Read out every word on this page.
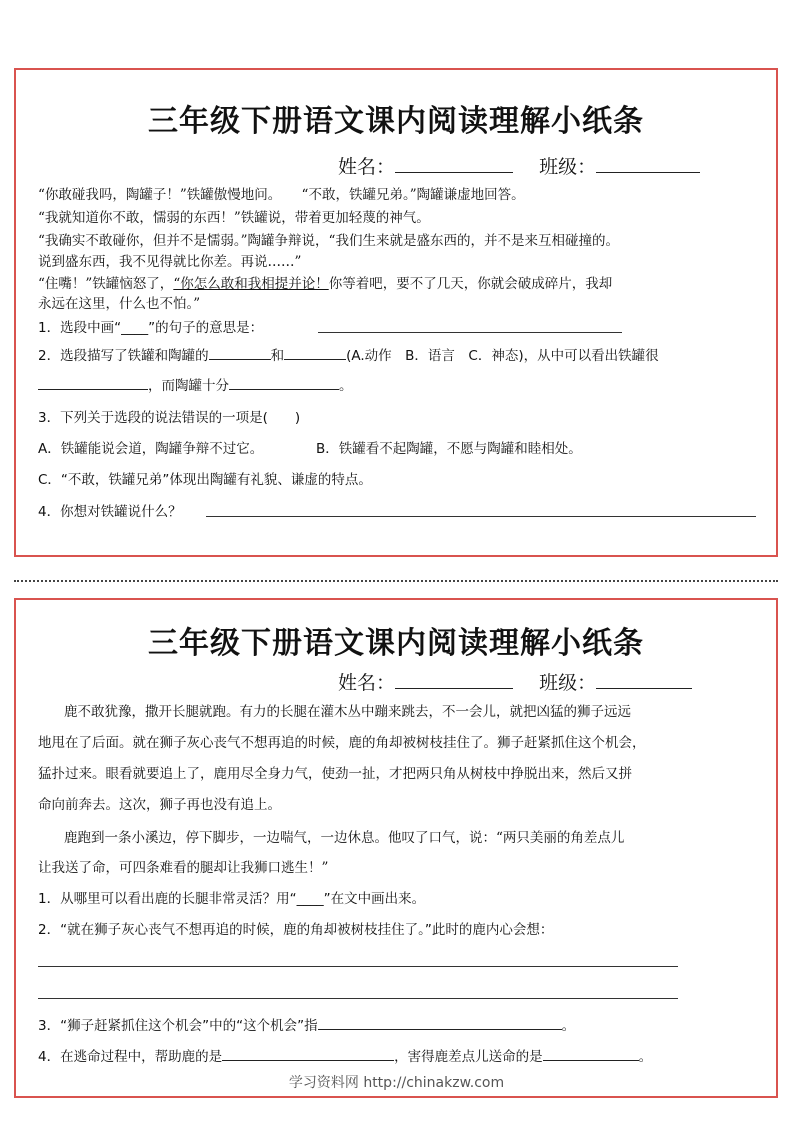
三年级下册语文课内阅读理解小纸条
姓名：	班级：
“你敢碰我吗，陶罐子！”铁罐傲慢地问。　　“不敢，铁罐兄弟。”陶罐谦虚地回答。
“我就知道你不敢，懦弱的东西！”铁罐说，带着更加轻蔑的神气。
“我确实不敢碰你，但并不是懦弱。”陶罐争辩说，“我们生来就是盛东西的，并不是来互相碰撞的。
说到盛东西，我不见得就比你差。再说……”
“住嘴！”铁罐恼怒了，“你怎么敢和我相提并论！你等着吧，要不了几天，你就会破成碎片，我却
永远在这里，什么也不怕。”
1．选段中画“____”的句子的意思是：
2．选段描写了铁罐和陶罐的	和	(A.动作　B．语言　C．神态)，从中可以看出铁罐很
，而陶罐十分	。
3．下列关于选段的说法错误的一项是(　　)
A．铁罐能说会道，陶罐争辩不过它。	B．铁罐看不起陶罐，不愿与陶罐和睦相处。
C．“不敢，铁罐兄弟”体现出陶罐有礼貌、谦虚的特点。
4．你想对铁罐说什么？
三年级下册语文课内阅读理解小纸条
姓名：	班级：
鹿不敢犹豫，撒开长腿就跑。有力的长腿在灌木丛中蹦来跳去，不一会儿，就把凶猛的狮子远远
地甩在了后面。就在狮子灰心丧气不想再追的时候，鹿的角却被树枝挂住了。狮子赶紧抓住这个机会，
猛扑过来。眼看就要追上了，鹿用尽全身力气，使劲一扯，才把两只角从树枝中挣脱出来，然后又拼
命向前奔去。这次，狮子再也没有追上。
鹿跑到一条小溪边，停下脚步，一边喘气，一边休息。他叹了口气，说：“两只美丽的角差点儿
让我送了命，可四条难看的腿却让我狮口逃生！”
1．从哪里可以看出鹿的长腿非常灵活？用“____”在文中画出来。
2．“就在狮子灰心丧气不想再追的时候，鹿的角却被树枝挂住了。”此时的鹿内心会想：
3．“狮子赶紧抓住这个机会”中的“这个机会”指	。
4．在逃命过程中，帮助鹿的是	，害得鹿差点儿送命的是	。
学习资料网 http://chinakzw.com
